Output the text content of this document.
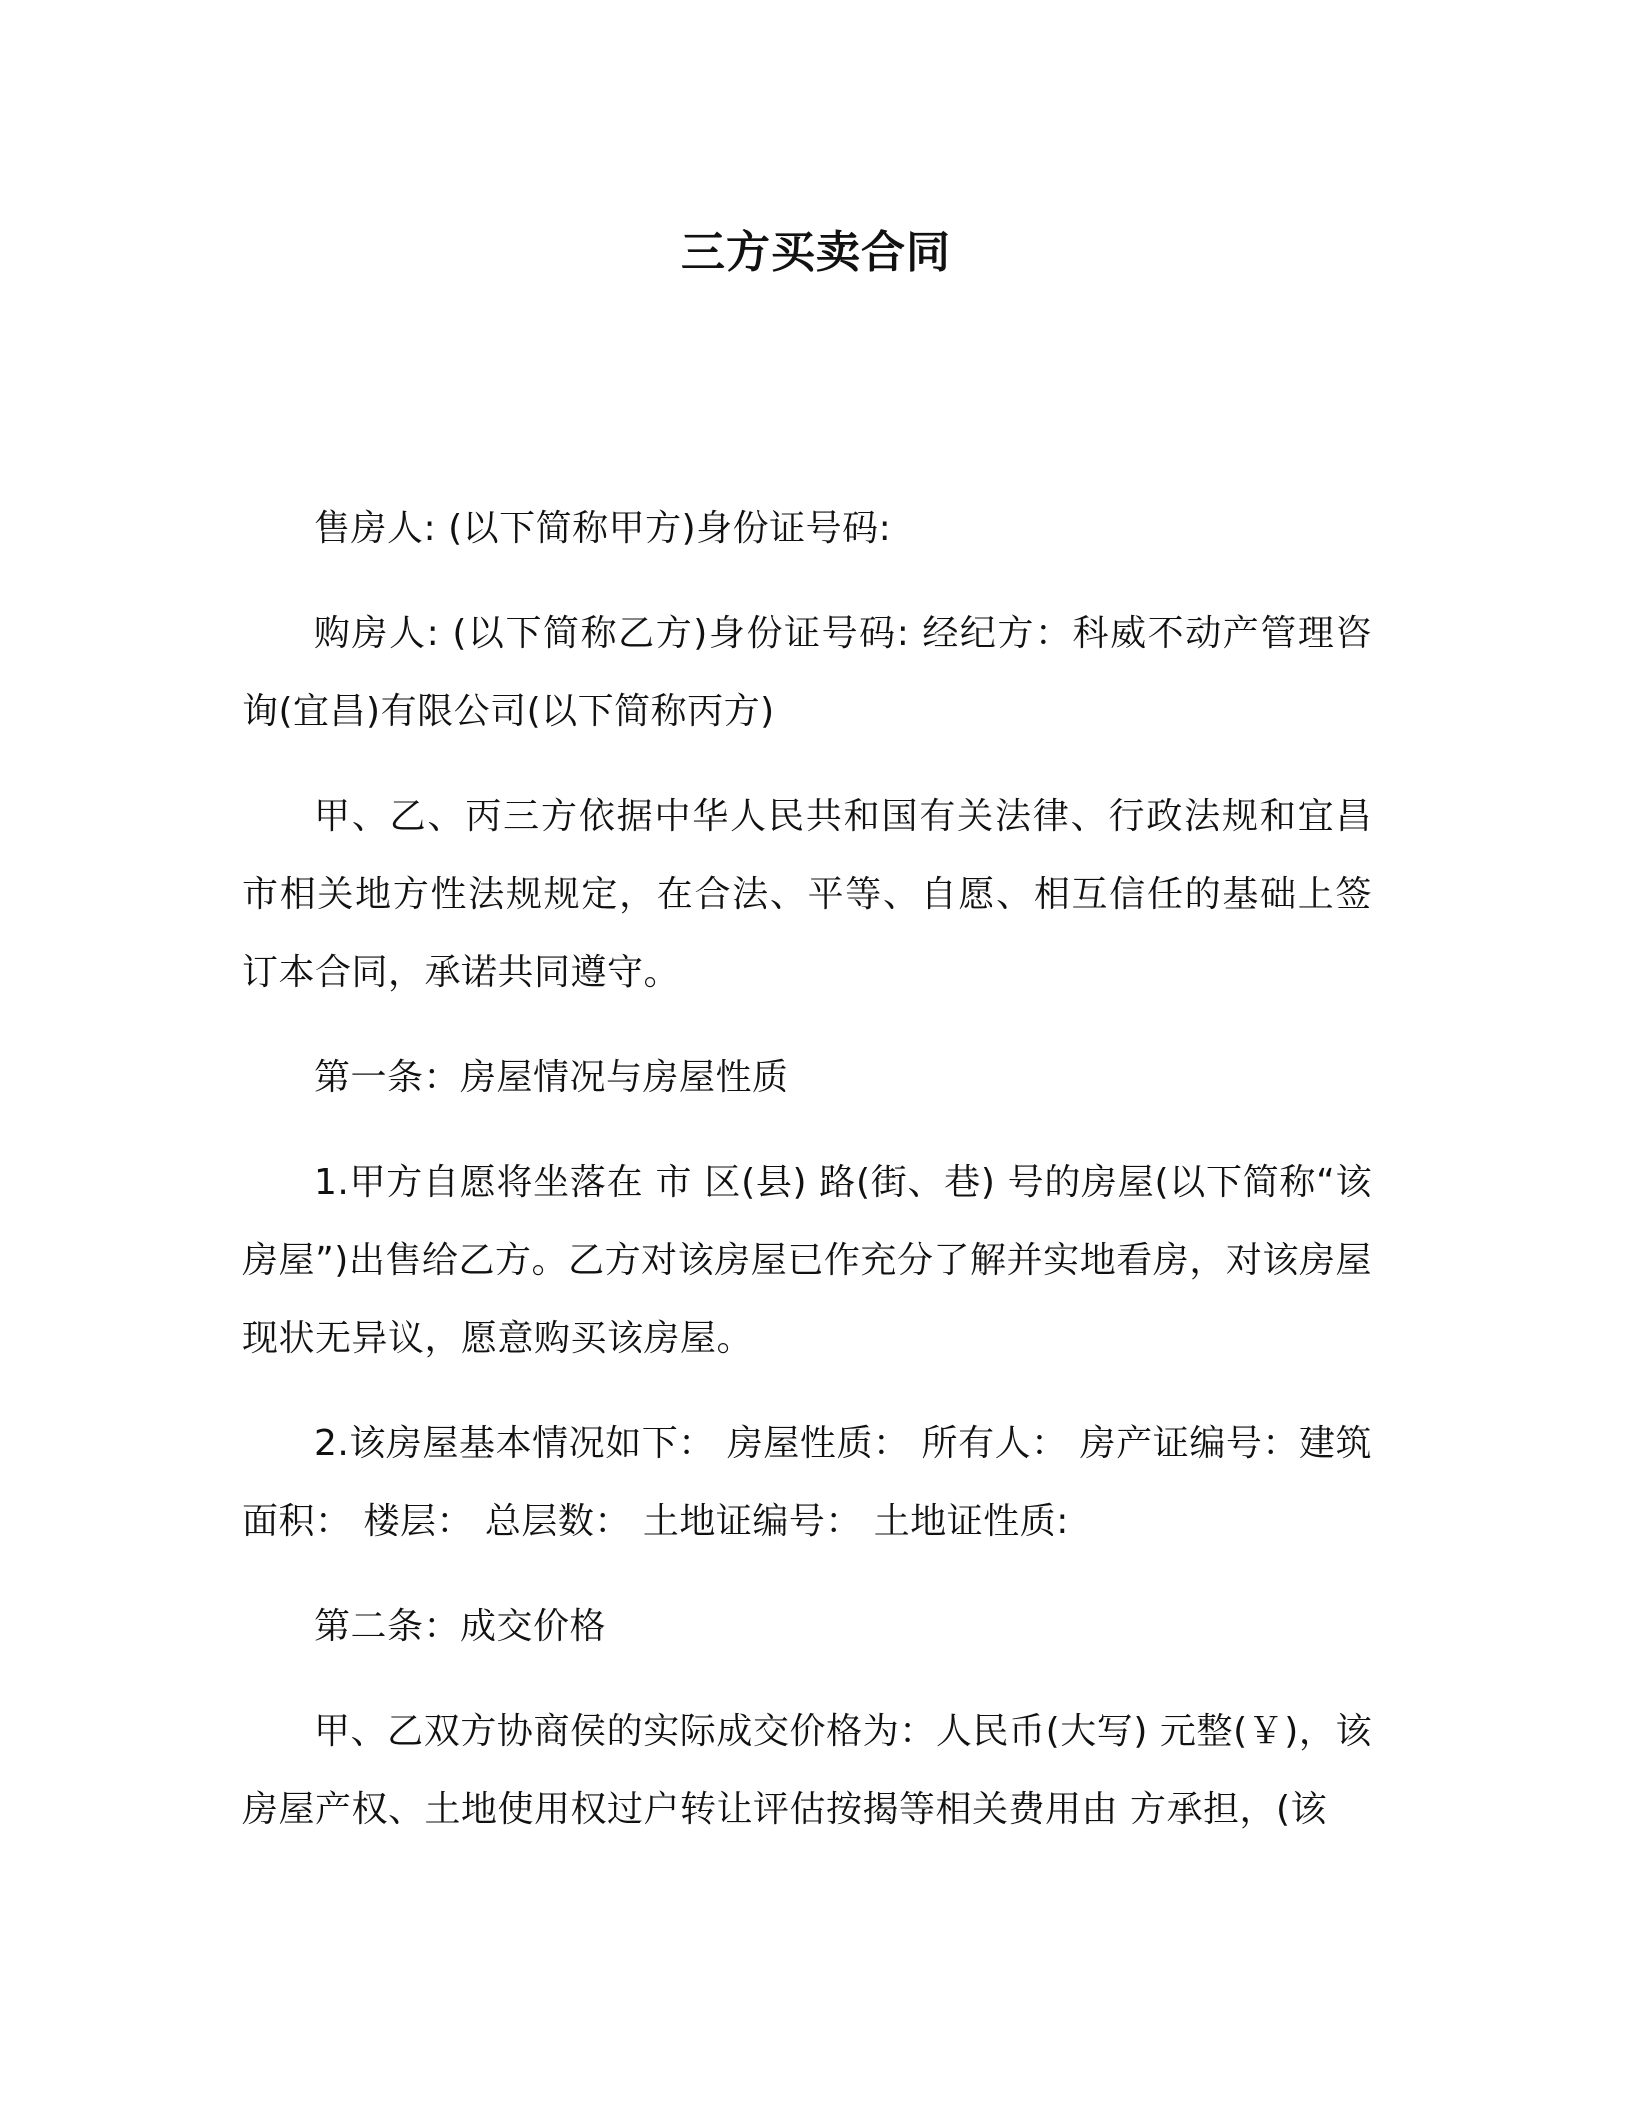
三方买卖合同

售房人: (以下简称甲方)身份证号码:

购房人: (以下简称乙方)身份证号码: 经纪方：科威不动产管理咨询(宜昌)有限公司(以下简称丙方)

甲、乙、丙三方依据中华人民共和国有关法律、行政法规和宜昌市相关地方性法规规定，在合法、平等、自愿、相互信任的基础上签订本合同，承诺共同遵守。

第一条：房屋情况与房屋性质

1.甲方自愿将坐落在 市 区(县) 路(街、巷) 号的房屋(以下简称“该房屋”)出售给乙方。乙方对该房屋已作充分了解并实地看房，对该房屋现状无异议，愿意购买该房屋。

2.该房屋基本情况如下： 房屋性质： 所有人： 房产证编号：建筑面积： 楼层： 总层数： 土地证编号： 土地证性质:

第二条：成交价格

甲、乙双方协商侯的实际成交价格为：人民币(大写) 元整(￥)，该房屋产权、土地使用权过户转让评估按揭等相关费用由 方承担，(该
